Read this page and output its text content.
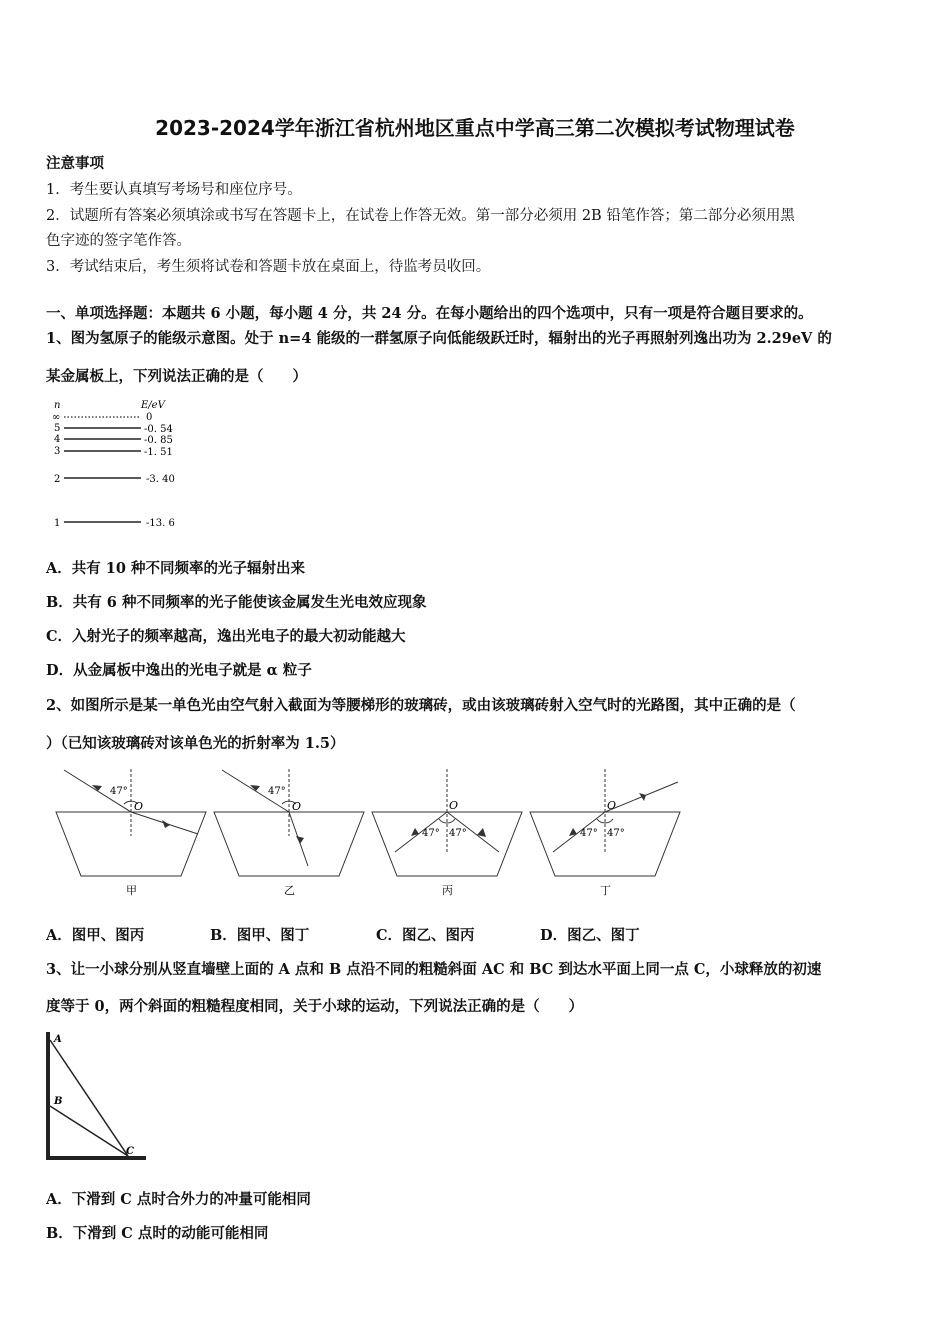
2023-2024学年浙江省杭州地区重点中学高三第二次模拟考试物理试卷
注意事项
1．考生要认真填写考场号和座位序号。
2．试题所有答案必须填涂或书写在答题卡上，在试卷上作答无效。第一部分必须用 2B 铅笔作答；第二部分必须用黑
色字迹的签字笔作答。
3．考试结束后，考生须将试卷和答题卡放在桌面上，待监考员收回。
一、单项选择题：本题共 6 小题，每小题 4 分，共 24 分。在每小题给出的四个选项中，只有一项是符合题目要求的。
1、图为氢原子的能级示意图。处于 n=4 能级的一群氢原子向低能级跃迁时，辐射出的光子再照射列逸出功为 2.29eV 的
某金属板上，下列说法正确的是（　　）
n	E/eV
∞	0
5	-0. 54
4	-0. 85
3	-1. 51
2	-3. 40
1	-13. 6
A．共有 10 种不同频率的光子辐射出来
B．共有 6 种不同频率的光子能使该金属发生光电效应现象
C．入射光子的频率越高，逸出光电子的最大初动能越大
D．从金属板中逸出的光电子就是 α 粒子
2、如图所示是某一单色光由空气射入截面为等腰梯形的玻璃砖，或由该玻璃砖射入空气时的光路图，其中正确的是（
）（已知该玻璃砖对该单色光的折射率为 1.5）
47°
O
47°
O
47° 47°
O
47° 47°
O
甲	乙	丙	丁
A．图甲、图丙	B．图甲、图丁	C．图乙、图丙	D．图乙、图丁
3、让一小球分别从竖直墙壁上面的 A 点和 B 点沿不同的粗糙斜面 AC 和 BC 到达水平面上同一点 C，小球释放的初速
度等于 0，两个斜面的粗糙程度相同，关于小球的运动，下列说法正确的是（　　）
A
B
C
A．下滑到 C 点时合外力的冲量可能相同
B．下滑到 C 点时的动能可能相同
